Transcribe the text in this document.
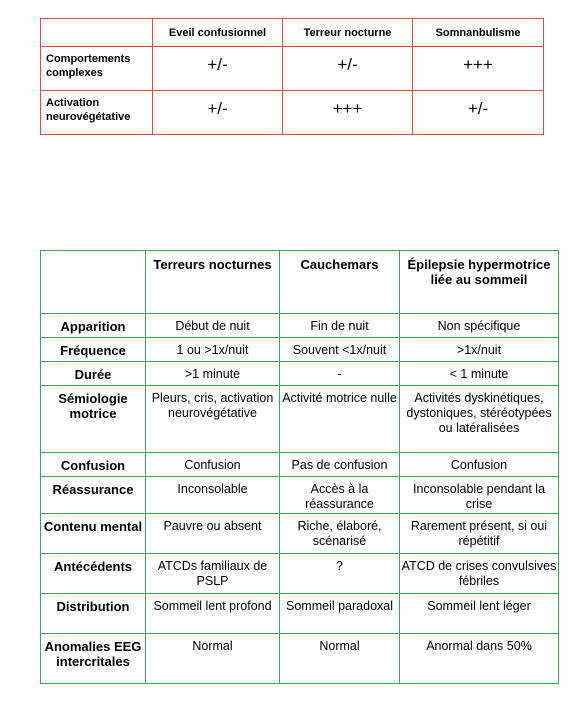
	Eveil confusionnel	Terreur nocturne	Somnanbulisme
Comportements complexes	+/-	+/-	+++
Activation neurovégétative	+/-	+++	+/-
	Terreurs nocturnes	Cauchemars	Épilepsie hypermotrice liée au sommeil
Apparition	Début de nuit	Fin de nuit	Non spécifique
Fréquence	1 ou >1x/nuit	Souvent <1x/nuit	>1x/nuit
Durée	>1 minute	-	< 1 minute
Sémiologie motrice	Pleurs, cris, activation neurovégétative	Activité motrice nulle	Activités dyskinétiques, dystoniques, stéréotypées ou latéralisées
Confusion	Confusion	Pas de confusion	Confusion
Réassurance	Inconsolable	Accès à la réassurance	Inconsolable pendant la crise
Contenu mental	Pauvre ou absent	Riche, élaboré, scénarisé	Rarement présent, si oui répétitif
Antécédents	ATCDs familiaux de PSLP	?	ATCD de crises convulsives fébriles
Distribution	Sommeil lent profond	Sommeil paradoxal	Sommeil lent léger
Anomalies EEG intercritales	Normal	Normal	Anormal dans 50%
